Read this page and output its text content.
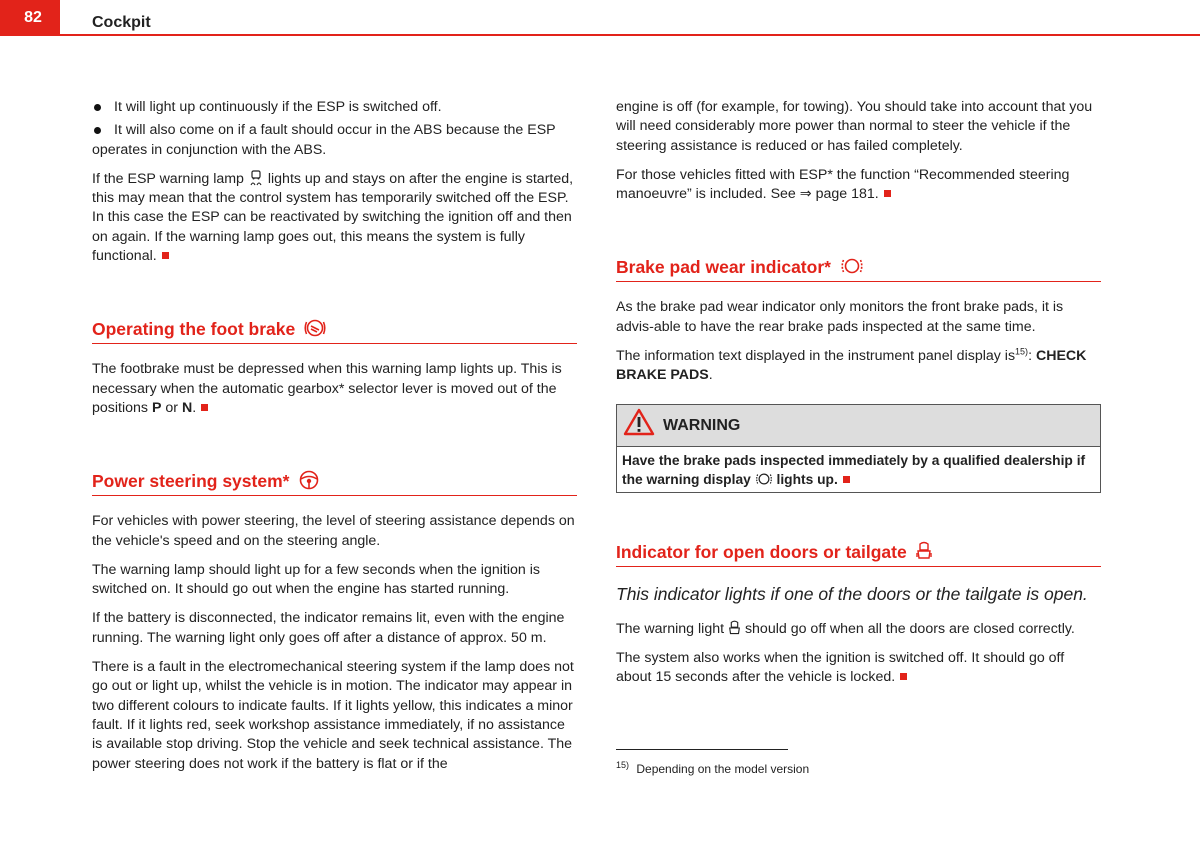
82	Cockpit
It will light up continuously if the ESP is switched off.
It will also come on if a fault should occur in the ABS because the ESP operates in conjunction with the ABS.

If the ESP warning lamp lights up and stays on after the engine is started, this may mean that the control system has temporarily switched off the ESP. In this case the ESP can be reactivated by switching the ignition off and then on again. If the warning lamp goes out, this means the system is fully functional.

Operating the foot brake

The footbrake must be depressed when this warning lamp lights up. This is necessary when the automatic gearbox* selector lever is moved out of the positions P or N.

Power steering system*

For vehicles with power steering, the level of steering assistance depends on the vehicle's speed and on the steering angle.

The warning lamp should light up for a few seconds when the ignition is switched on. It should go out when the engine has started running.

If the battery is disconnected, the indicator remains lit, even with the engine running. The warning light only goes off after a distance of approx. 50 m.

There is a fault in the electromechanical steering system if the lamp does not go out or light up, whilst the vehicle is in motion. The indicator may appear in two different colours to indicate faults. If it lights yellow, this indicates a minor fault. If it lights red, seek workshop assistance immediately, if no assistance is available stop driving. Stop the vehicle and seek technical assistance. The power steering does not work if the battery is flat or if the

engine is off (for example, for towing). You should take into account that you will need considerably more power than normal to steer the vehicle if the steering assistance is reduced or has failed completely.

For those vehicles fitted with ESP* the function “Recommended steering manoeuvre” is included. See ⇒ page 181.

Brake pad wear indicator*

As the brake pad wear indicator only monitors the front brake pads, it is advis-able to have the rear brake pads inspected at the same time.

The information text displayed in the instrument panel display $is^{15)}$: CHECK BRAKE PADS.

WARNING
Have the brake pads inspected immediately by a qualified dealership if the warning display lights up.
Indicator for open doors or tailgate

This indicator lights if one of the doors or the tailgate is open.

The warning light should go off when all the doors are closed correctly.

The system also works when the ignition is switched off. It should go off about 15 seconds after the vehicle is locked.

$^{15)}$ Depending on the model version
